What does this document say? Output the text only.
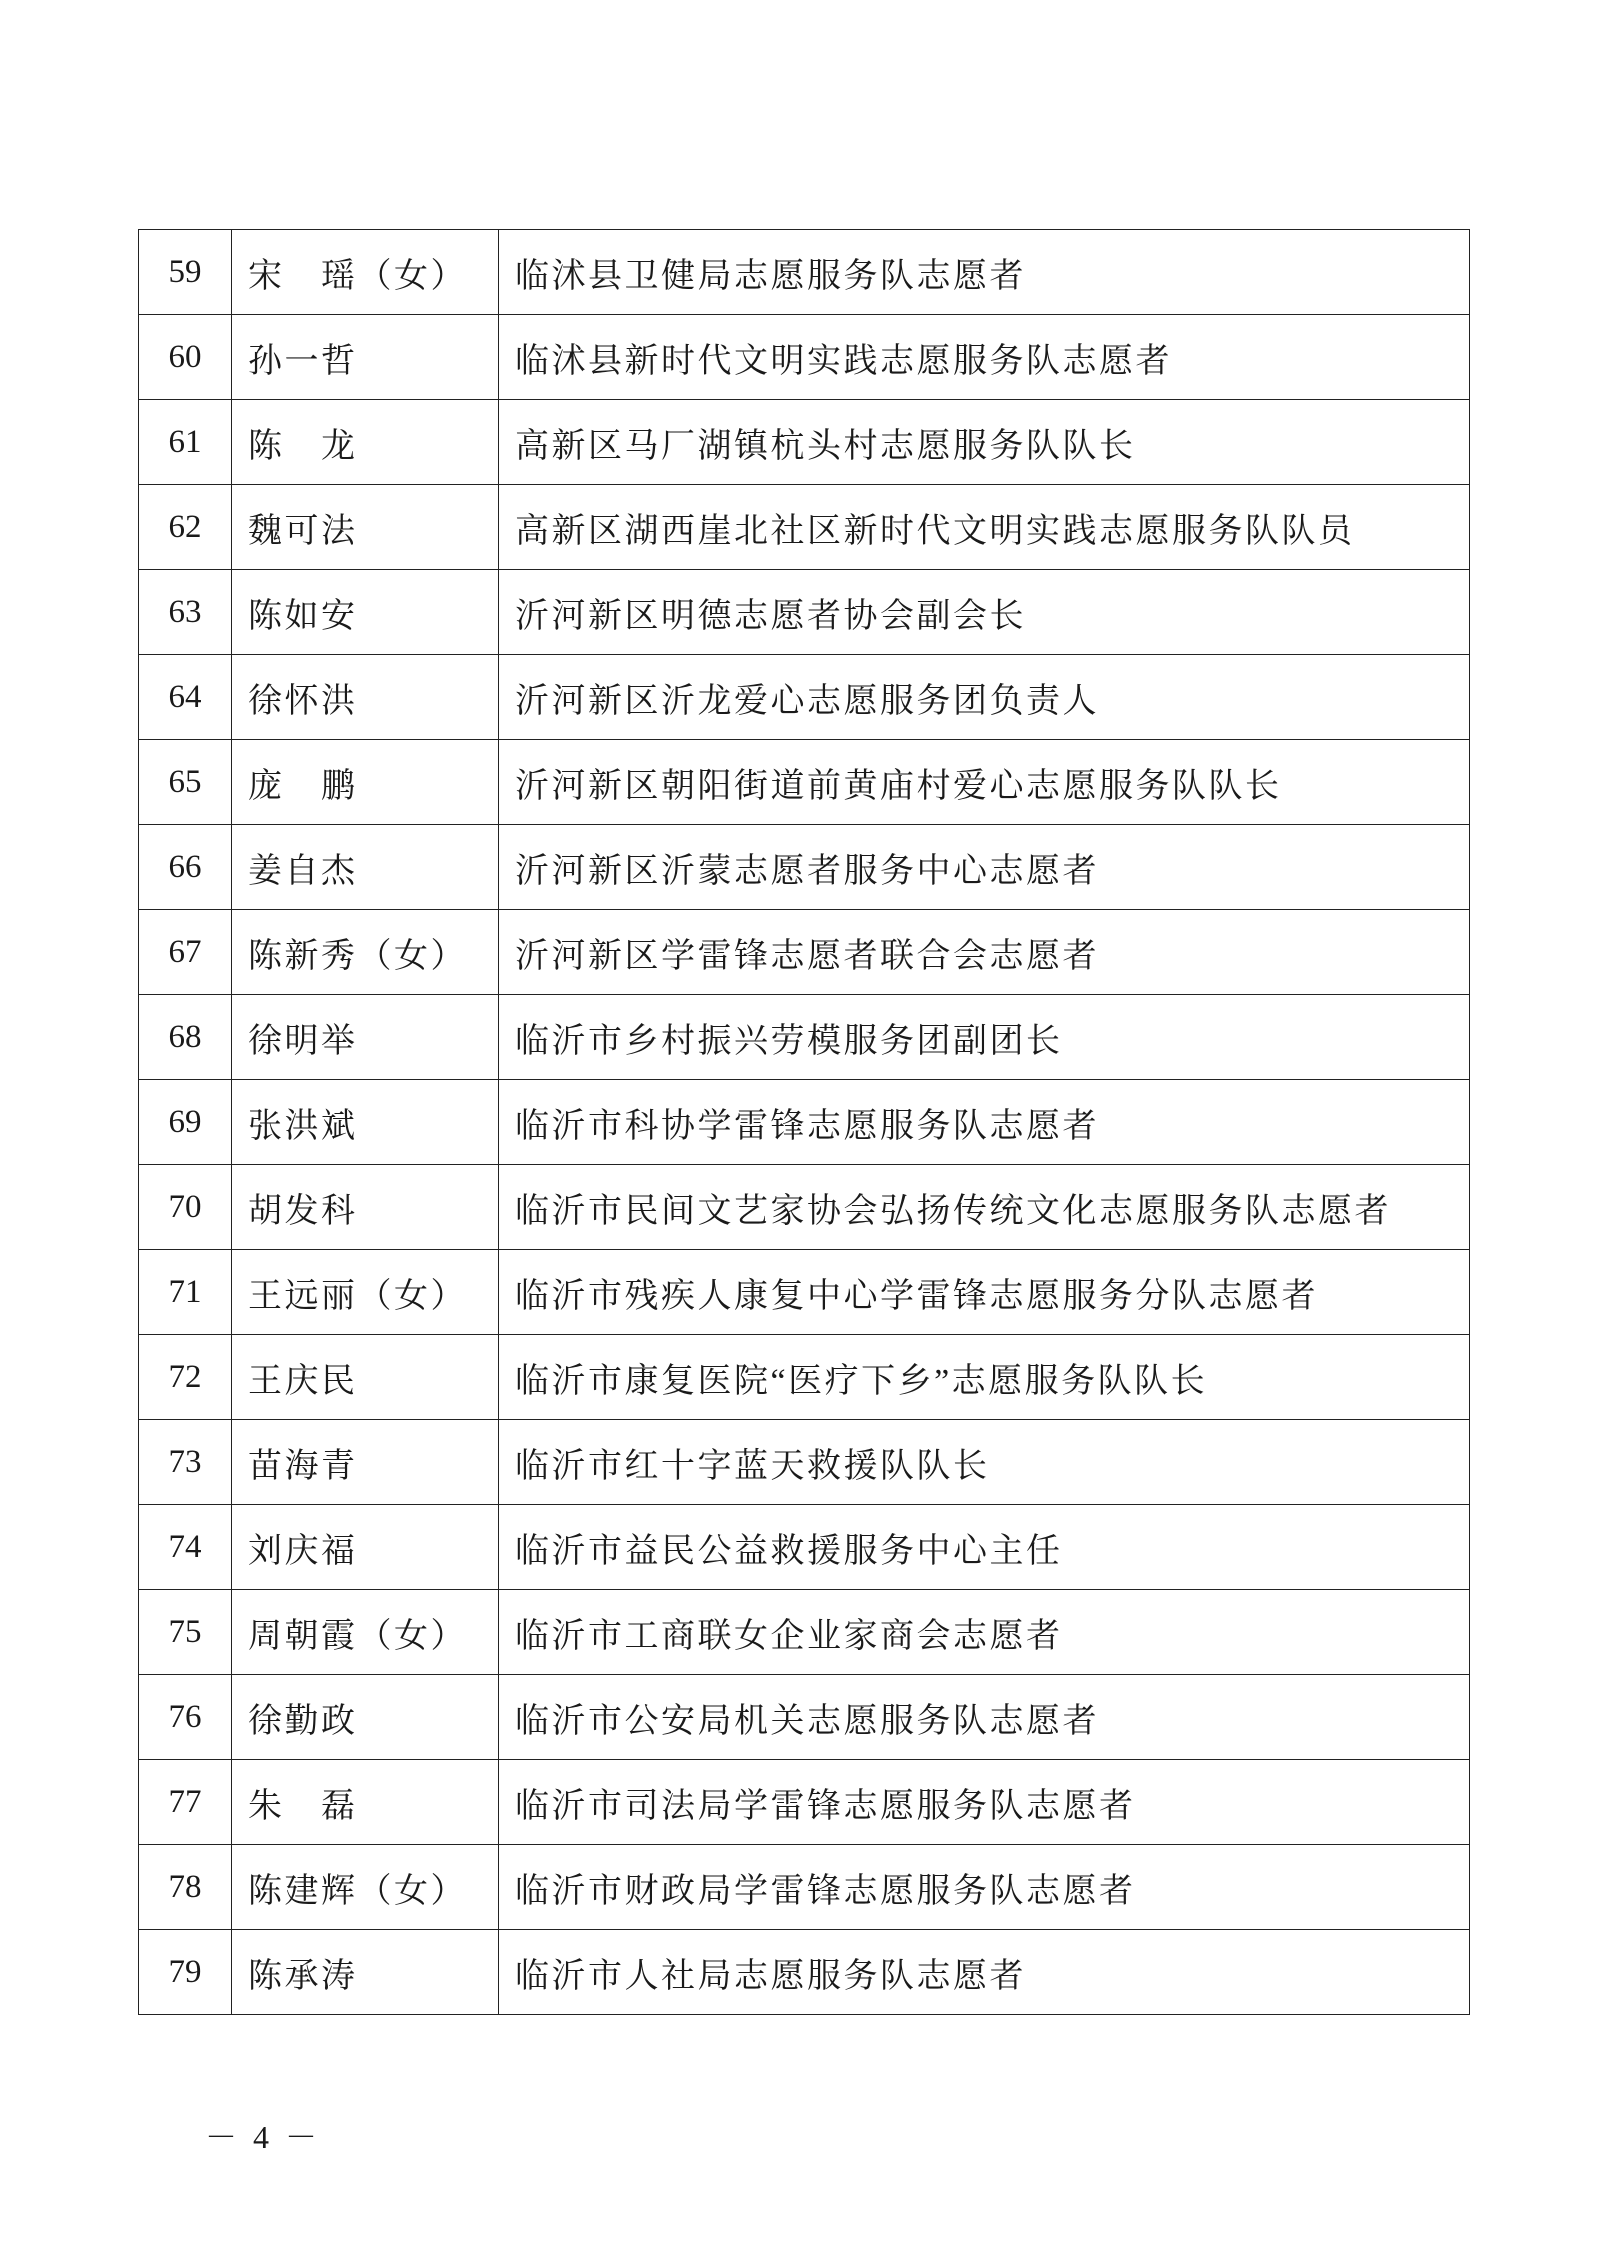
59	宋　瑶（女）	临沭县卫健局志愿服务队志愿者
60	孙一哲	临沭县新时代文明实践志愿服务队志愿者
61	陈　龙	高新区马厂湖镇杭头村志愿服务队队长
62	魏可法	高新区湖西崖北社区新时代文明实践志愿服务队队员
63	陈如安	沂河新区明德志愿者协会副会长
64	徐怀洪	沂河新区沂龙爱心志愿服务团负责人
65	庞　鹏	沂河新区朝阳街道前黄庙村爱心志愿服务队队长
66	姜自杰	沂河新区沂蒙志愿者服务中心志愿者
67	陈新秀（女）	沂河新区学雷锋志愿者联合会志愿者
68	徐明举	临沂市乡村振兴劳模服务团副团长
69	张洪斌	临沂市科协学雷锋志愿服务队志愿者
70	胡发科	临沂市民间文艺家协会弘扬传统文化志愿服务队志愿者
71	王远丽（女）	临沂市残疾人康复中心学雷锋志愿服务分队志愿者
72	王庆民	临沂市康复医院“医疗下乡”志愿服务队队长
73	苗海青	临沂市红十字蓝天救援队队长
74	刘庆福	临沂市益民公益救援服务中心主任
75	周朝霞（女）	临沂市工商联女企业家商会志愿者
76	徐勤政	临沂市公安局机关志愿服务队志愿者
77	朱　磊	临沂市司法局学雷锋志愿服务队志愿者
78	陈建辉（女）	临沂市财政局学雷锋志愿服务队志愿者
79	陈承涛	临沂市人社局志愿服务队志愿者
－ 4 －
